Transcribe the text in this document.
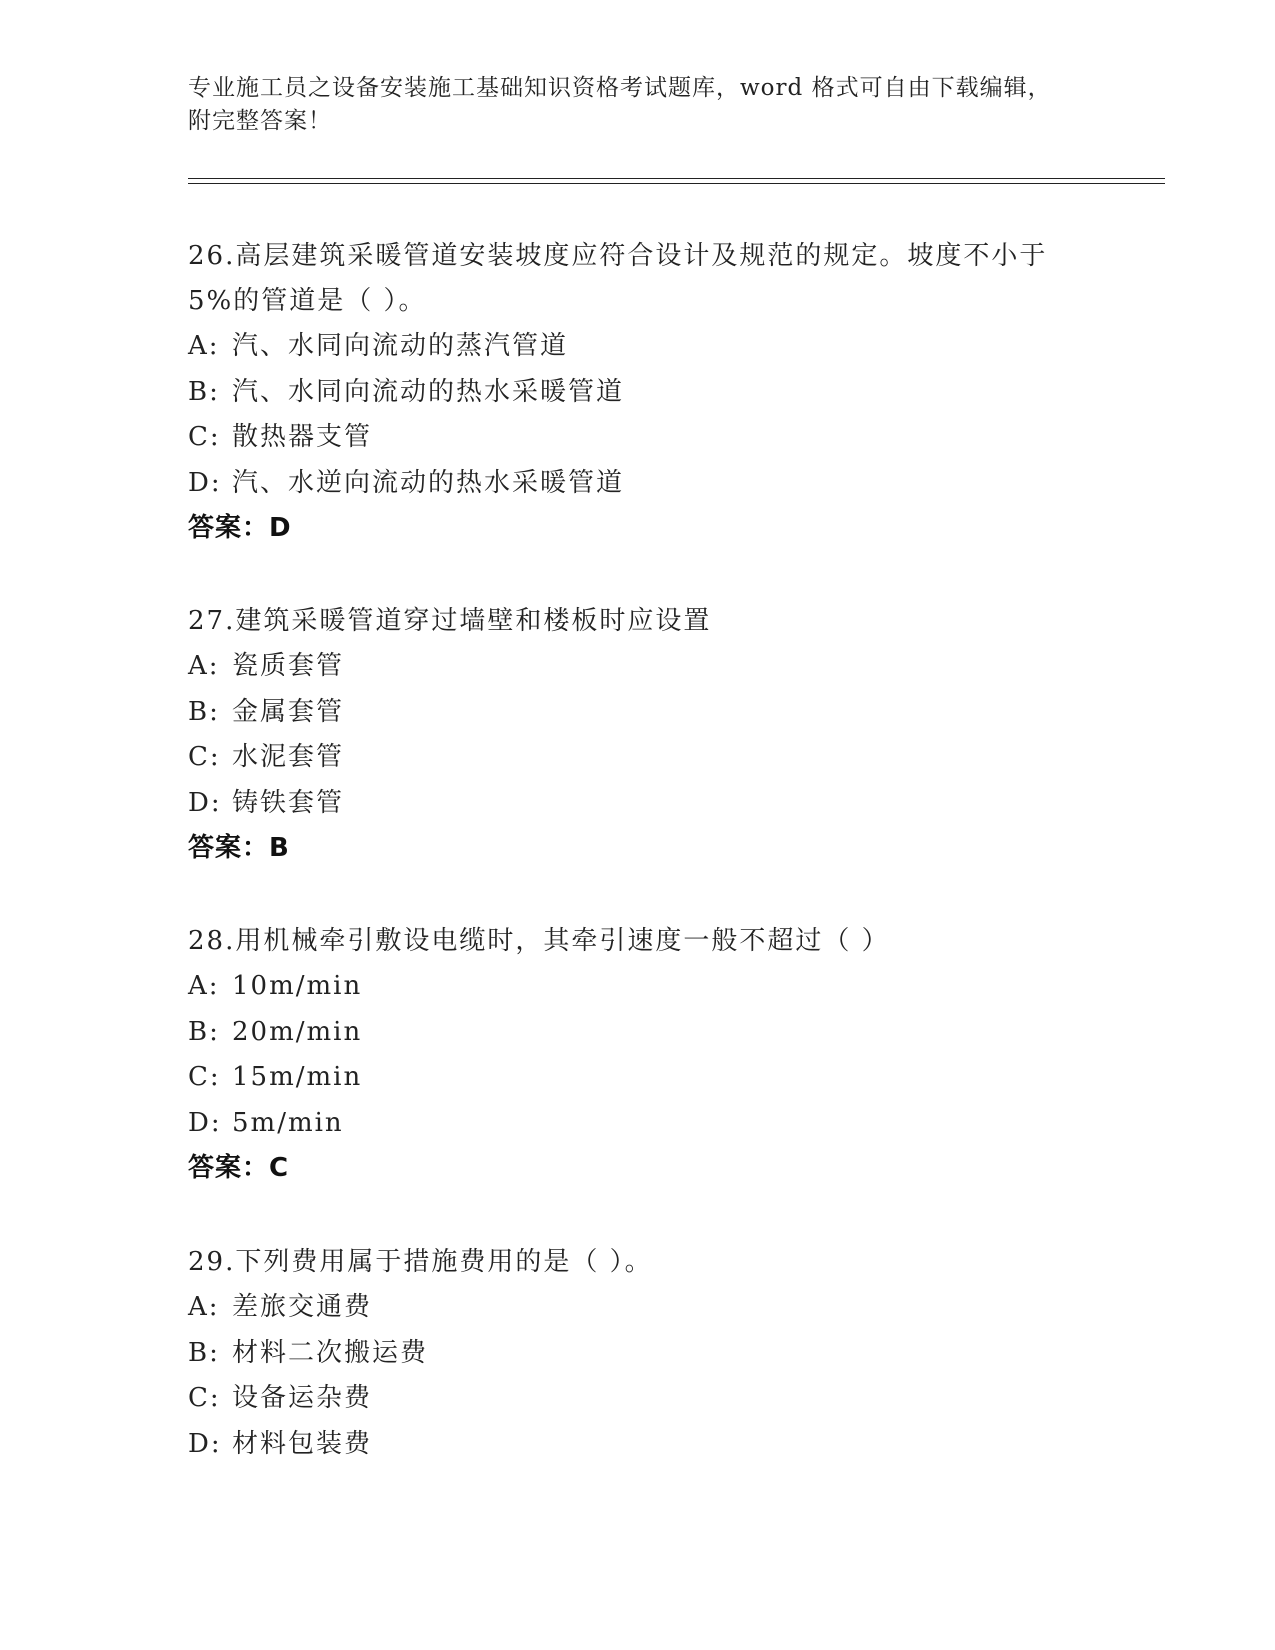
专业施工员之设备安装施工基础知识资格考试题库，word 格式可自由下载编辑，
附完整答案！
26.高层建筑采暖管道安装坡度应符合设计及规范的规定。坡度不小于5%的管道是（ ）。
A: 汽、水同向流动的蒸汽管道
B: 汽、水同向流动的热水采暖管道
C: 散热器支管
D: 汽、水逆向流动的热水采暖管道
答案：D
27.建筑采暖管道穿过墙壁和楼板时应设置
A: 瓷质套管
B: 金属套管
C: 水泥套管
D: 铸铁套管
答案：B
28.用机械牵引敷设电缆时，其牵引速度一般不超过（ ）
A: 10m/min
B: 20m/min
C: 15m/min
D: 5m/min
答案：C
29.下列费用属于措施费用的是（ ）。
A: 差旅交通费
B: 材料二次搬运费
C: 设备运杂费
D: 材料包装费
